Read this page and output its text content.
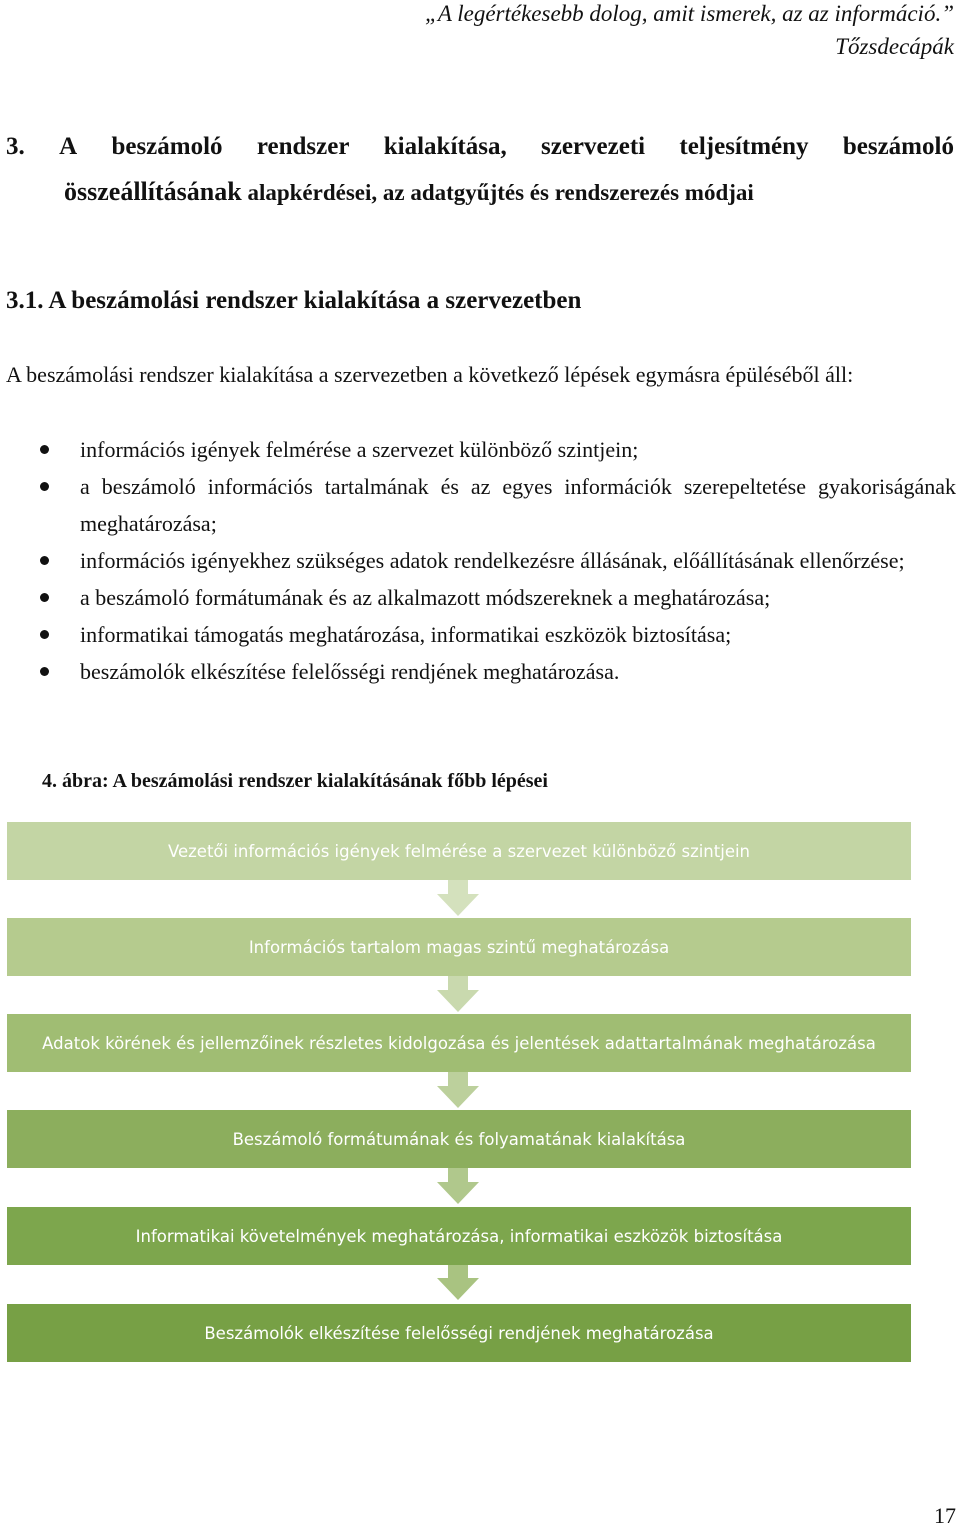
„A legértékesebb dolog, amit ismerek, az az információ.”
Tőzsdecápák
3. A beszámoló rendszer kialakítása, szervezeti teljesítmény beszámoló
összeállításának alapkérdései, az adatgyűjtés és rendszerezés módjai
3.1. A beszámolási rendszer kialakítása a szervezetben
A beszámolási rendszer kialakítása a szervezetben a következő lépések egymásra épüléséből áll:
információs igények felmérése a szervezet különböző szintjein;
a beszámoló információs tartalmának és az egyes információk szerepeltetése gyakoriságának meghatározása;
információs igényekhez szükséges adatok rendelkezésre állásának, előállításának ellenőrzése;
a beszámoló formátumának és az alkalmazott módszereknek a meghatározása;
informatikai támogatás meghatározása, informatikai eszközök biztosítása;
beszámolók elkészítése felelősségi rendjének meghatározása.
4. ábra: A beszámolási rendszer kialakításának főbb lépései
Vezetői információs igények felmérése a szervezet különböző szintjein
Információs tartalom magas szintű meghatározása
Adatok körének és jellemzőinek részletes kidolgozása és jelentések adattartalmának meghatározása
Beszámoló formátumának és folyamatának kialakítása
Informatikai követelmények meghatározása, informatikai eszközök biztosítása
Beszámolók elkészítése felelősségi rendjének meghatározása
17
